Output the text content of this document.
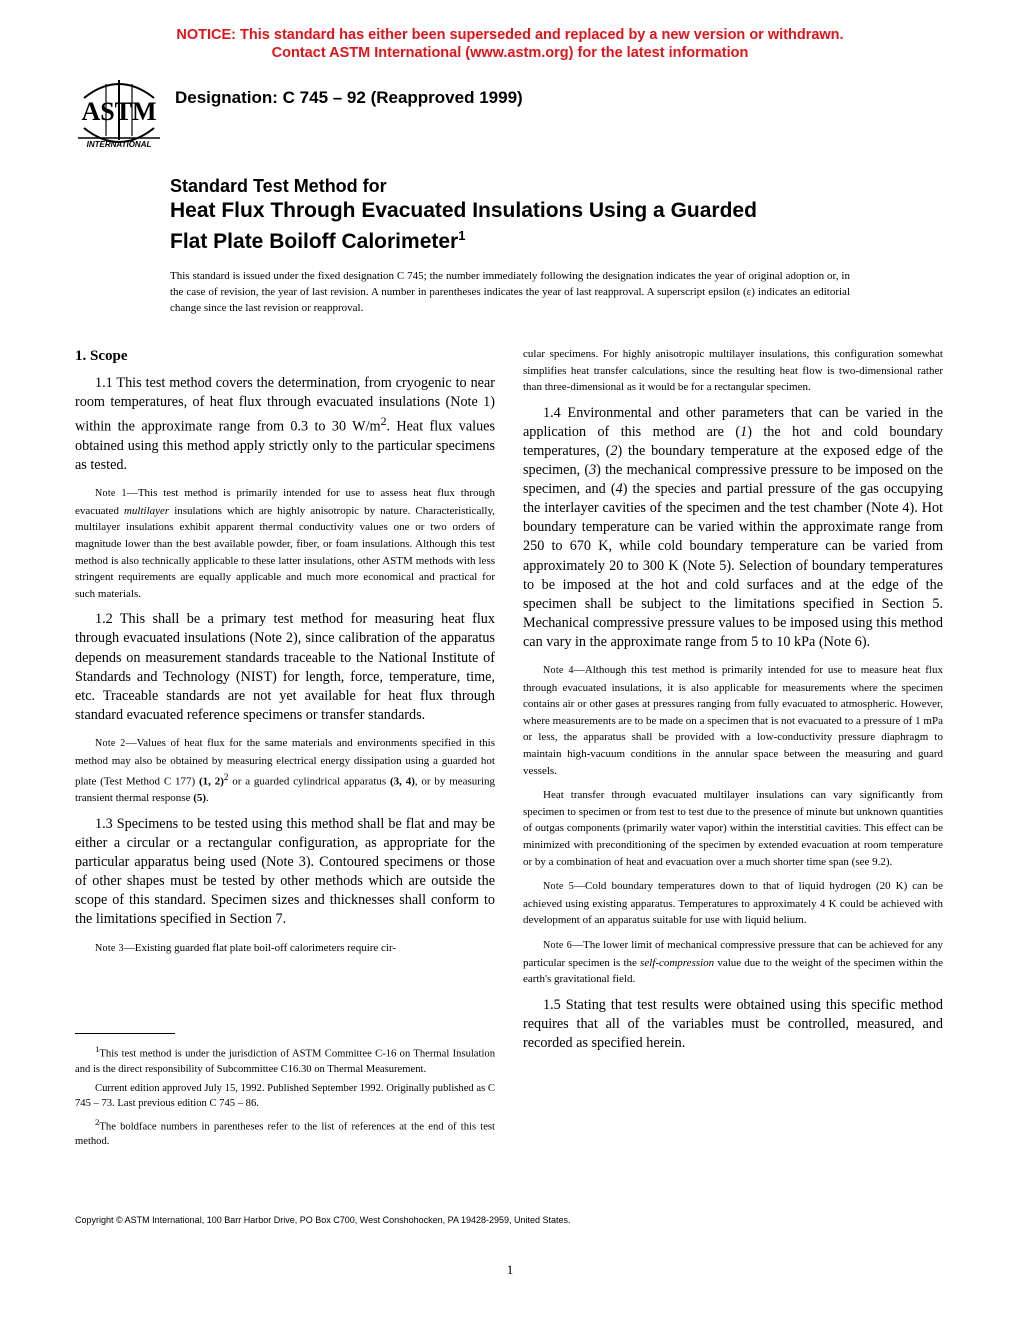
NOTICE: This standard has either been superseded and replaced by a new version or withdrawn.
Contact ASTM International (www.astm.org) for the latest information
ASTM
INTERNATIONAL
Designation: C 745 – 92 (Reapproved 1999)
Standard Test Method for
Heat Flux Through Evacuated Insulations Using a Guarded
Flat Plate Boiloff Calorimeter$^1$
This standard is issued under the fixed designation C 745; the number immediately following the designation indicates the year of original adoption or, in the case of revision, the year of last revision. A number in parentheses indicates the year of last reapproval. A superscript epsilon (ε) indicates an editorial change since the last revision or reapproval.
1. Scope

1.1 This test method covers the determination, from cryogenic to near room temperatures, of heat flux through evacuated insulations (Note 1) within the approximate range from 0.3 to 30 $W/m^2$. Heat flux values obtained using this method apply strictly only to the particular specimens as tested.

Note 1—This test method is primarily intended for use to assess heat flux through evacuated multilayer insulations which are highly anisotropic by nature. Characteristically, multilayer insulations exhibit apparent thermal conductivity values one or two orders of magnitude lower than the best available powder, fiber, or foam insulations. Although this test method is also technically applicable to these latter insulations, other ASTM methods with less stringent requirements are equally applicable and much more economical and practical for such materials.

1.2 This shall be a primary test method for measuring heat flux through evacuated insulations (Note 2), since calibration of the apparatus depends on measurement standards traceable to the National Institute of Standards and Technology (NIST) for length, force, temperature, time, etc. Traceable standards are not yet available for heat flux through standard evacuated reference specimens or transfer standards.

Note 2—Values of heat flux for the same materials and environments specified in this method may also be obtained by measuring electrical energy dissipation using a guarded hot plate (Test Method C 177) (1, 2)$^2$ or a guarded cylindrical apparatus (3, 4), or by measuring transient thermal response (5).

1.3 Specimens to be tested using this method shall be flat and may be either a circular or a rectangular configuration, as appropriate for the particular apparatus being used (Note 3). Contoured specimens or those of other shapes must be tested by other methods which are outside the scope of this standard. Specimen sizes and thicknesses shall conform to the limitations specified in Section 7.

Note 3—Existing guarded flat plate boil-off calorimeters require cir-

$^1$This test method is under the jurisdiction of ASTM Committee C-16 on Thermal Insulation and is the direct responsibility of Subcommittee C16.30 on Thermal Measurement.

Current edition approved July 15, 1992. Published September 1992. Originally published as C 745 – 73. Last previous edition C 745 – 86.

$^2$The boldface numbers in parentheses refer to the list of references at the end of this test method.

cular specimens. For highly anisotropic multilayer insulations, this configuration somewhat simplifies heat transfer calculations, since the resulting heat flow is two-dimensional rather than three-dimensional as it would be for a rectangular specimen.

1.4 Environmental and other parameters that can be varied in the application of this method are (1) the hot and cold boundary temperatures, (2) the boundary temperature at the exposed edge of the specimen, (3) the mechanical compressive pressure to be imposed on the specimen, and (4) the species and partial pressure of the gas occupying the interlayer cavities of the specimen and the test chamber (Note 4). Hot boundary temperature can be varied within the approximate range from 250 to 670 K, while cold boundary temperature can be varied from approximately 20 to 300 K (Note 5). Selection of boundary temperatures to be imposed at the hot and cold surfaces and at the edge of the specimen shall be subject to the limitations specified in Section 5. Mechanical compressive pressure values to be imposed using this method can vary in the approximate range from 5 to 10 kPa (Note 6).

Note 4—Although this test method is primarily intended for use to measure heat flux through evacuated insulations, it is also applicable for measurements where the specimen contains air or other gases at pressures ranging from fully evacuated to atmospheric. However, where measurements are to be made on a specimen that is not evacuated to a pressure of 1 mPa or less, the apparatus shall be provided with a low-conductivity pressure diaphragm to maintain high-vacuum conditions in the annular space between the measuring and guard vessels.

Heat transfer through evacuated multilayer insulations can vary significantly from specimen to specimen or from test to test due to the presence of minute but unknown quantities of outgas components (primarily water vapor) within the interstitial cavities. This effect can be minimized with preconditioning of the specimen by extended evacuation at room temperature or by a combination of heat and evacuation over a much shorter time span (see 9.2).

Note 5—Cold boundary temperatures down to that of liquid hydrogen (20 K) can be achieved using existing apparatus. Temperatures to approximately 4 K could be achieved with development of an apparatus suitable for use with liquid helium.

Note 6—The lower limit of mechanical compressive pressure that can be achieved for any particular specimen is the self-compression value due to the weight of the specimen within the earth's gravitational field.

1.5 Stating that test results were obtained using this specific method requires that all of the variables must be controlled, measured, and recorded as specified herein.

Copyright © ASTM International, 100 Barr Harbor Drive, PO Box C700, West Conshohocken, PA 19428-2959, United States.
1
